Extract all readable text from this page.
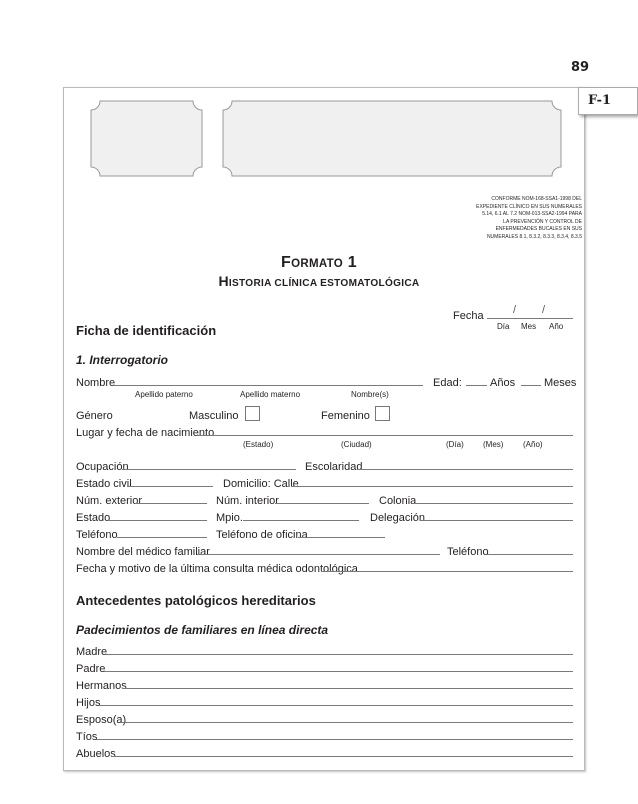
89
F-1
CONFORME NOM-168-SSA1-1998 DEL
EXPEDIENTE CLÍNICO EN SUS NUMERALES
5.14, 6.1 AL 7.2 NOM-013-SSA2-1994 PARA
LA PREVENCIÓN Y CONTROL DE
ENFERMEDADES BUCALES EN SUS
NUMERALES 8.1, 8.3.2, 8.3.3, 8.3.4, 8.3.5
FORMATO 1
HISTORIA CLÍNICA ESTOMATOLÓGICA
Fecha	/ /
Día Mes Año
Ficha de identificación
1. Interrogatorio
Nombre
Apellido paterno	Apellido materno	Nombre(s)
Edad:	Años	Meses
Género	Masculino	Femenino
Lugar y fecha de nacimiento
(Estado)	(Ciudad)	(Día) (Mes) (Año)
Ocupación	Escolaridad
Estado civil	Domicilio: Calle
Núm. exterior	Núm. interior	Colonia
Estado	Mpio.	Delegación
Teléfono	Teléfono de oficina
Nombre del médico familiar	Teléfono
Fecha y motivo de la última consulta médica odontológica
Antecedentes patológicos hereditarios
Padecimientos de familiares en línea directa
Madre
Padre
Hermanos
Hijos
Esposo(a)
Tíos
Abuelos
